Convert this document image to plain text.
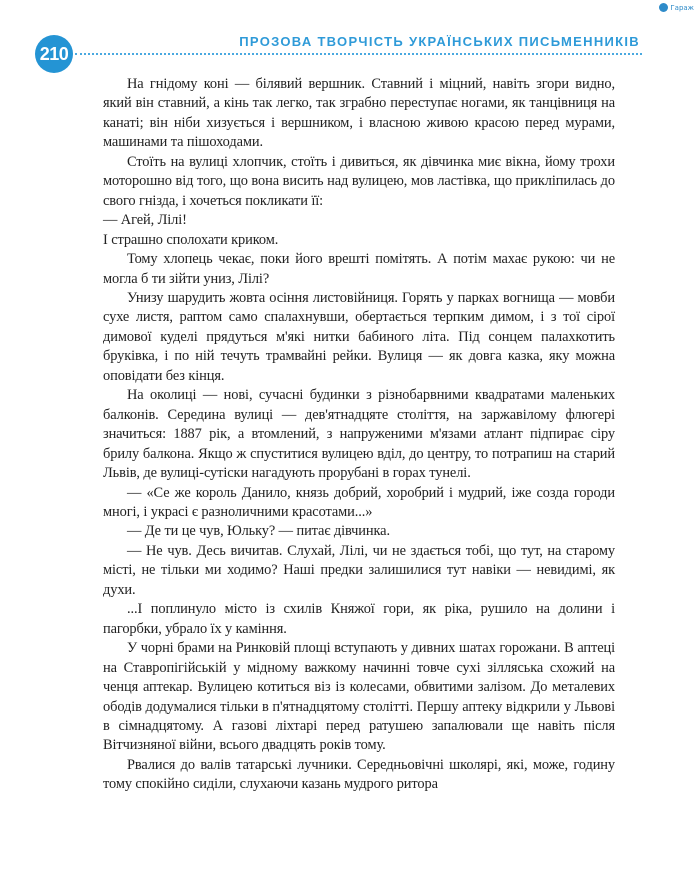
Гараж
210
ПРОЗОВА ТВОРЧІСТЬ УКРАЇНСЬКИХ ПИСЬМЕННИКІВ

На гнідому коні — білявий вершник. Ставний і міцний, навіть згори видно, який він ставний, а кінь так легко, так зграбно переступає ногами, як танцівниця на канаті; він ніби хизується і вершником, і власною живою красою перед мурами, машинами та пішоходами.

Стоїть на вулиці хлопчик, стоїть і дивиться, як дівчинка миє вікна, йому трохи моторошно від того, що вона висить над вулицею, мов ластівка, що прикліпилась до свого гнізда, і хочеться покликати її:

— Агей, Лілі!

І страшно сполохати криком.

Тому хлопець чекає, поки його врешті помітять. А потім махає рукою: чи не могла б ти зійти униз, Лілі?

Унизу шарудить жовта осіння листовійниця. Горять у парках вогнища — мовби сухе листя, раптом само спалахнувши, обертається терпким димом, і з тої сірої димової куделі прядуться м'які нитки бабиного літа. Під сонцем палахкотить бруківка, і по ній течуть трамвайні рейки. Вулиця — як довга казка, яку можна оповідати без кінця.

На околиці — нові, сучасні будинки з різнобарвними квадратами маленьких балконів. Середина вулиці — дев'ятнадцяте століття, на заржавілому флюгері значиться: 1887 рік, а втомлений, з напруженими м'язами атлант підпирає сіру брилу балкона. Якщо ж спуститися вулицею вділ, до центру, то потрапиш на старий Львів, де вулиці-сутіски нагадують прорубані в горах тунелі.

— «Се же король Данило, князь добрий, хоробрий і мудрий, іже созда городи многі, і украсі є разноличними красотами...»

— Де ти це чув, Юльку? — питає дівчинка.

— Не чув. Десь вичитав. Слухай, Лілі, чи не здається тобі, що тут, на старому місті, не тільки ми ходимо? Наші предки залишилися тут навіки — невидимі, як духи.

...І поплинуло місто із схилів Княжої гори, як ріка, рушило на долини і пагорбки, убрало їх у каміння.

У чорні брами на Ринковій площі вступають у дивних шатах горожани. В аптеці на Ставропігійській у мідному важкому начинні товче сухі зілляська схожий на ченця аптекар. Вулицею котиться віз із колесами, обвитими залізом. До металевих ободів додумалися тільки в п'ятнадцятому столітті. Першу аптеку відкрили у Львові в сімнадцятому. А газові ліхтарі перед ратушею запалювали ще навіть після Вітчизняної війни, всього двадцять років тому.

Рвалися до валів татарські лучники. Середньовічні школярі, які, може, годину тому спокійно сиділи, слухаючи казань мудрого ритора
